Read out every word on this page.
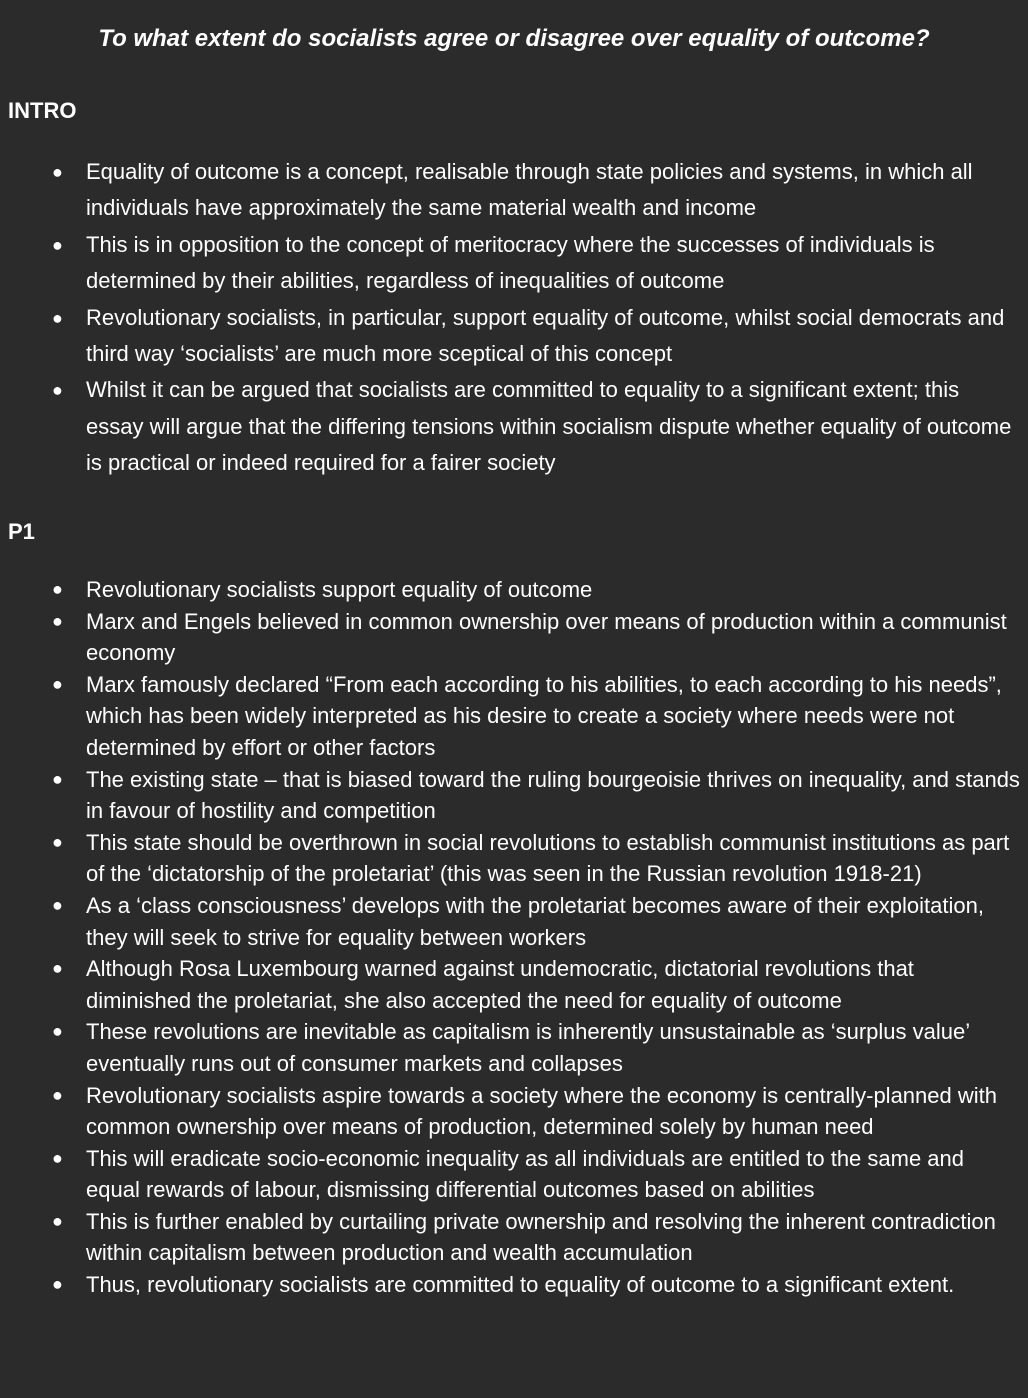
To what extent do socialists agree or disagree over equality of outcome?
INTRO
● Equality of outcome is a concept, realisable through state policies and systems, in which all individuals have approximately the same material wealth and income
● This is in opposition to the concept of meritocracy where the successes of individuals is determined by their abilities, regardless of inequalities of outcome
● Revolutionary socialists, in particular, support equality of outcome, whilst social democrats and third way ‘socialists’ are much more sceptical of this concept
● Whilst it can be argued that socialists are committed to equality to a significant extent; this essay will argue that the differing tensions within socialism dispute whether equality of outcome is practical or indeed required for a fairer society
P1
● Revolutionary socialists support equality of outcome
● Marx and Engels believed in common ownership over means of production within a communist economy
● Marx famously declared “From each according to his abilities, to each according to his needs”, which has been widely interpreted as his desire to create a society where needs were not determined by effort or other factors
● The existing state – that is biased toward the ruling bourgeoisie thrives on inequality, and stands in favour of hostility and competition
● This state should be overthrown in social revolutions to establish communist institutions as part of the ‘dictatorship of the proletariat’ (this was seen in the Russian revolution 1918-21)
● As a ‘class consciousness’ develops with the proletariat becomes aware of their exploitation, they will seek to strive for equality between workers
● Although Rosa Luxembourg warned against undemocratic, dictatorial revolutions that diminished the proletariat, she also accepted the need for equality of outcome
● These revolutions are inevitable as capitalism is inherently unsustainable as ‘surplus value’ eventually runs out of consumer markets and collapses
● Revolutionary socialists aspire towards a society where the economy is centrally-planned with common ownership over means of production, determined solely by human need
● This will eradicate socio-economic inequality as all individuals are entitled to the same and equal rewards of labour, dismissing differential outcomes based on abilities
● This is further enabled by curtailing private ownership and resolving the inherent contradiction within capitalism between production and wealth accumulation
● Thus, revolutionary socialists are committed to equality of outcome to a significant extent.
